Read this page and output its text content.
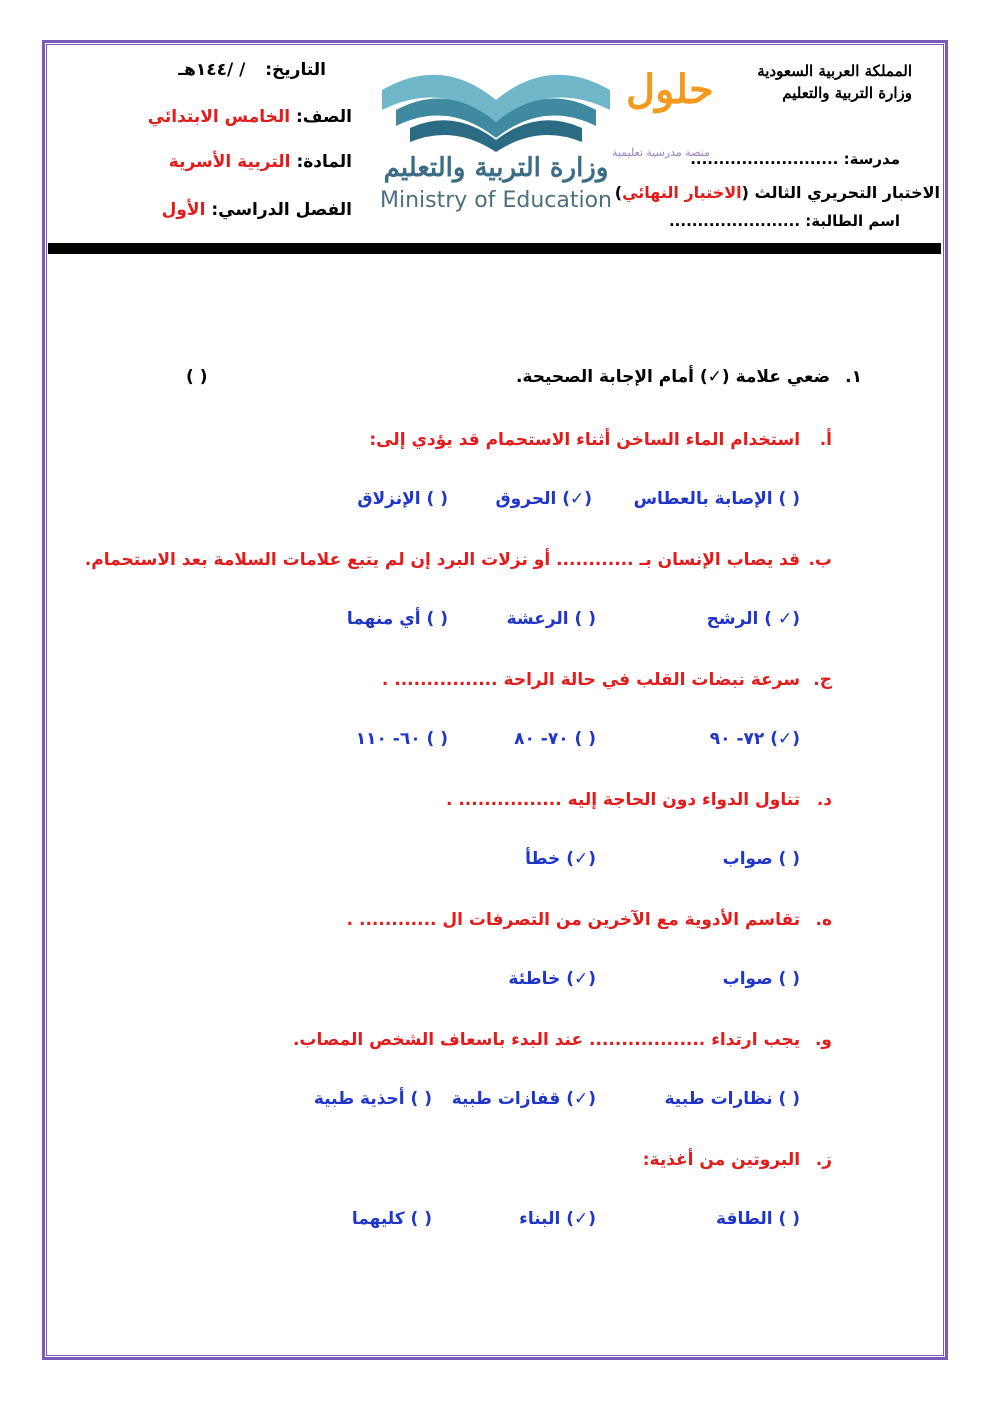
التاريخ:  / /١٤٤هـ
الصف: الخامس الابتدائي
المادة: التربية الأسرية
الفصل الدراسي: الأول
وزارة التربية والتعليم
Ministry of Education
حلول
منصة مدرسية تعليمية
المملكة العربية السعودية
وزارة التربية والتعليم
مدرسة: ..........................
الاختبار التحريري الثالث (الاختبار النهائي)
اسم الطالبة: .......................
١. ضعي علامة (✓) أمام الإجابة الصحيحة.
( )
أ. استخدام الماء الساخن أثناء الاستحمام قد يؤدي إلى:
ب. قد يصاب الإنسان بـ ............ أو نزلات البرد إن لم يتبع علامات السلامة بعد الاستحمام.
ج. سرعة نبضات القلب في حالة الراحة ................ .
د. تناول الدواء دون الحاجة إليه ................ .
ه. تقاسم الأدوية مع الآخرين من التصرفات ال ............ .
و. يجب ارتداء .................. عند البدء باسعاف الشخص المصاب.
ز. البروتين من أغذية:
( ) الإصابة بالعطاس
(✓) الحروق
( ) الإنزلاق
(✓ ) الرشح
( ) الرعشة
( ) أي منهما
(✓) ٧٢- ٩٠
( ) ٧٠- ٨٠
( ) ٦٠- ١١٠
( ) صواب
(✓) خطأ
( ) صواب
(✓) خاطئة
( ) نظارات طبية
(✓) قفازات طبية
( ) أحذية طبية
( ) الطاقة
(✓) البناء
( ) كليهما
